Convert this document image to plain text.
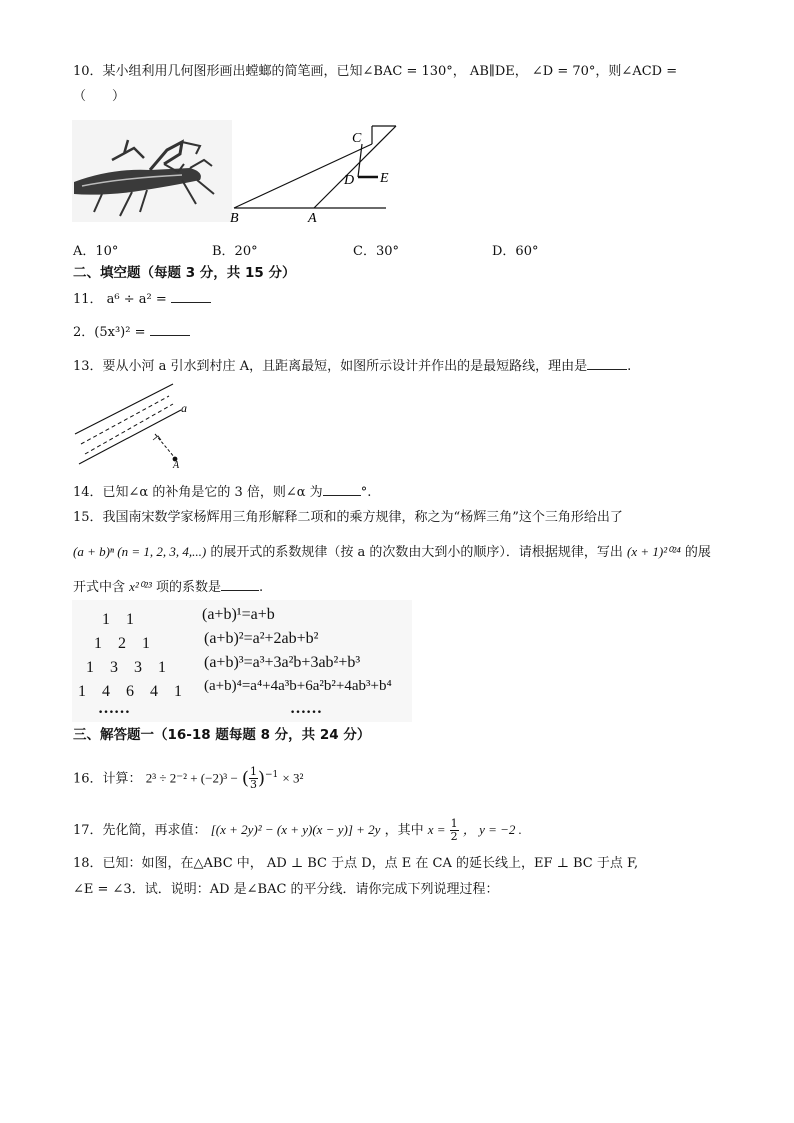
10．某小组利用几何图形画出螳螂的简笔画，已知∠BAC = 130°， AB∥DE， ∠D = 70°，则∠ACD =
（　　）
C
D E
B	A
A．10°	B．20°	C．30°	D．60°
二、填空题（每题 3 分，共 15 分）
11． a⁶ ÷ a² =
2．(5x³)² =
13．要从小河 a 引水到村庄 A，且距离最短，如图所示设计并作出的是最短路线，理由是	.
a
A
14．已知∠α 的补角是它的 3 倍，则∠α 为	°.
15．我国南宋数学家杨辉用三角形解释二项和的乘方规律，称之为“杨辉三角”这个三角形给出了
(a + b)ⁿ (n = 1, 2, 3, 4,...) 的展开式的系数规律（按 a 的次数由大到小的顺序）．请根据规律，写出 (x + 1)²⁰²⁴ 的展
开式中含 x²⁰²³ 项的系数是	.
1　1
1　2　1
1　3　3　1
1　4　6　4　1
……
(a+b)¹=a+b
(a+b)²=a²+2ab+b²
(a+b)³=a³+3a²b+3ab²+b³
(a+b)⁴=a⁴+4a³b+6a²b²+4ab³+b⁴
……
三、解答题一（16-18 题每题 8 分，共 24 分）
16．计算： 2³ ÷ 2⁻² + (−2)³ − ( $\frac{1}{3} )^{-1} \times 3^2$
17．先化简，再求值： [(x + 2y)² − (x + y)(x − y)] + 2y ，其中 $x = \frac{1}{2}$ ， y = −2 .
18．已知：如图，在△ABC 中， AD ⊥ BC 于点 D，点 E 在 CA 的延长线上，EF ⊥ BC 于点 F,
∠E = ∠3．试．说明：AD 是∠BAC 的平分线．请你完成下列说理过程：
